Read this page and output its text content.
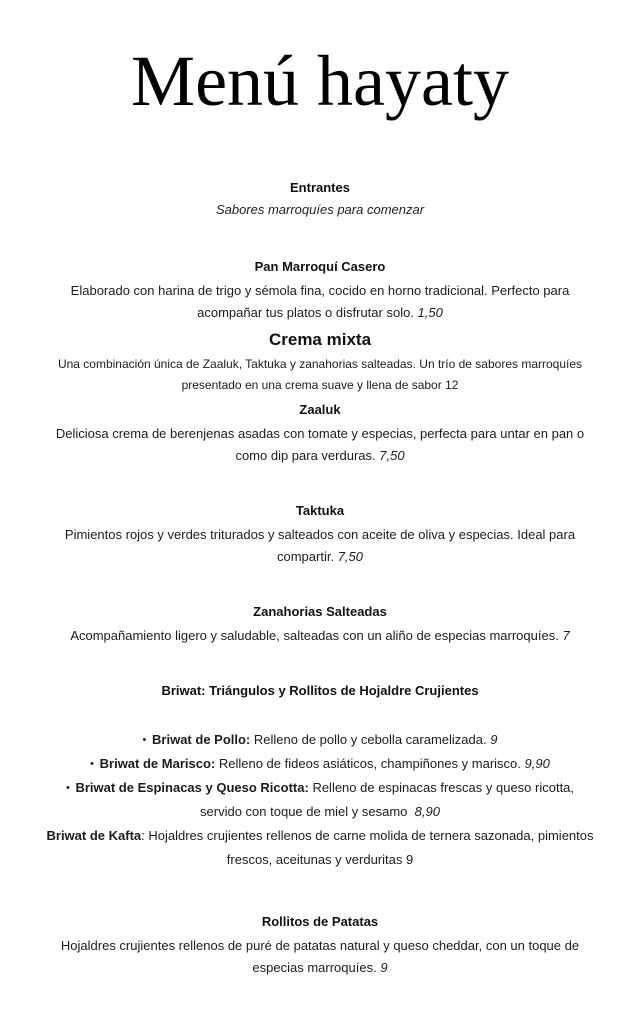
Menú hayaty
Entrantes
Sabores marroquíes para comenzar
Pan Marroquí Casero

Elaborado con harina de trigo y sémola fina, cocido en horno tradicional. Perfecto para acompañar tus platos o disfrutar solo. 1,50

Crema mixta

Una combinación única de Zaaluk, Taktuka y zanahorias salteadas. Un trío de sabores marroquíes presentado en una crema suave y llena de sabor 12

Zaaluk

Deliciosa crema de berenjenas asadas con tomate y especias, perfecta para untar en pan o como dip para verduras. 7,50

Taktuka

Pimientos rojos y verdes triturados y salteados con aceite de oliva y especias. Ideal para compartir. 7,50

Zanahorias Salteadas

Acompañamiento ligero y saludable, salteadas con un aliño de especias marroquíes. 7

Briwat: Triángulos y Rollitos de Hojaldre Crujientes

• Briwat de Pollo: Relleno de pollo y cebolla caramelizada. 9

• Briwat de Marisco: Relleno de fideos asiáticos, champiñones y marisco. 9,90

• Briwat de Espinacas y Queso Ricotta: Relleno de espinacas frescas y queso ricotta, servido con toque de miel y sesamo 8,90

Briwat de Kafta: Hojaldres crujientes rellenos de carne molida de ternera sazonada, pimientos frescos, aceitunas y verduritas 9

Rollitos de Patatas

Hojaldres crujientes rellenos de puré de patatas natural y queso cheddar, con un toque de especias marroquíes. 9
